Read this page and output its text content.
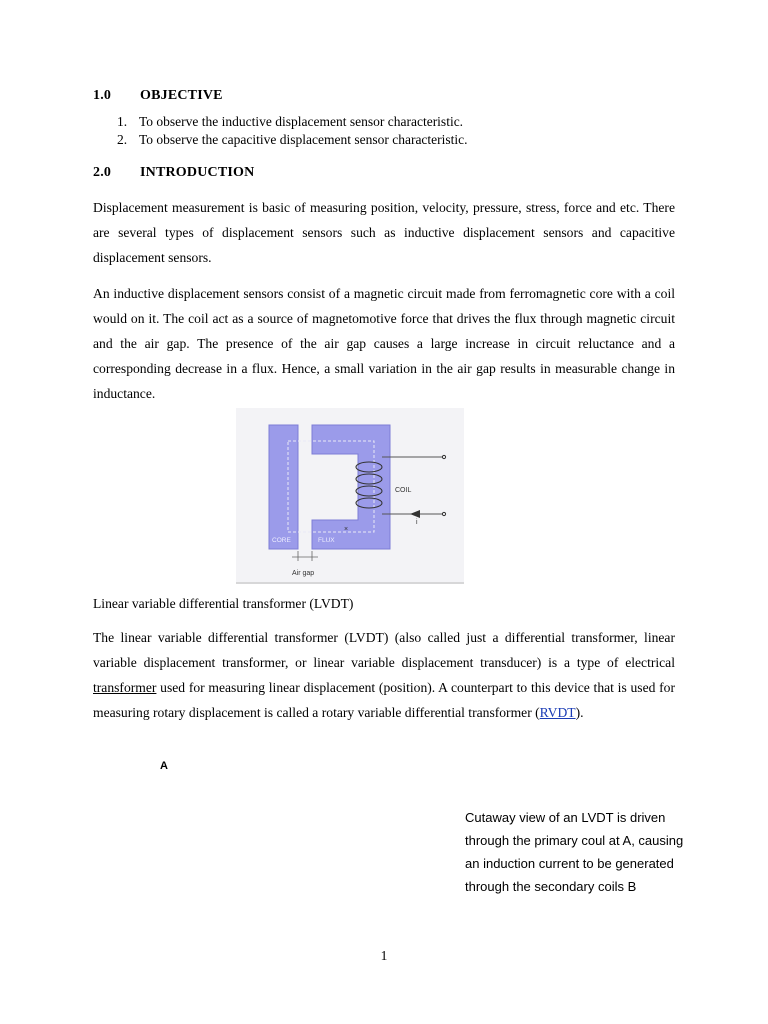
1.0 OBJECTIVE
1. To observe the inductive displacement sensor characteristic.
2. To observe the capacitive displacement sensor characteristic.
2.0 INTRODUCTION

Displacement measurement is basic of measuring position, velocity, pressure, stress, force and etc. There are several types of displacement sensors such as inductive displacement sensors and capacitive displacement sensors.

An inductive displacement sensors consist of a magnetic circuit made from ferromagnetic core with a coil would on it. The coil act as a source of magnetomotive force that drives the flux through magnetic circuit and the air gap. The presence of the air gap causes a large increase in circuit reluctance and a corresponding decrease in a flux. Hence, a small variation in the air gap results in measurable change in inductance.

COIL
i
CORE	FLUX
×
Air gap
Linear variable differential transformer (LVDT)

The linear variable differential transformer (LVDT) (also called just a differential transformer, linear variable displacement transformer, or linear variable displacement transducer) is a type of electrical transformer used for measuring linear displacement (position). A counterpart to this device that is used for measuring rotary displacement is called a rotary variable differential transformer (RVDT).

A

Cutaway view of an LVDT is driven through the primary coul at A, causing an induction current to be generated through the secondary coils B

1
